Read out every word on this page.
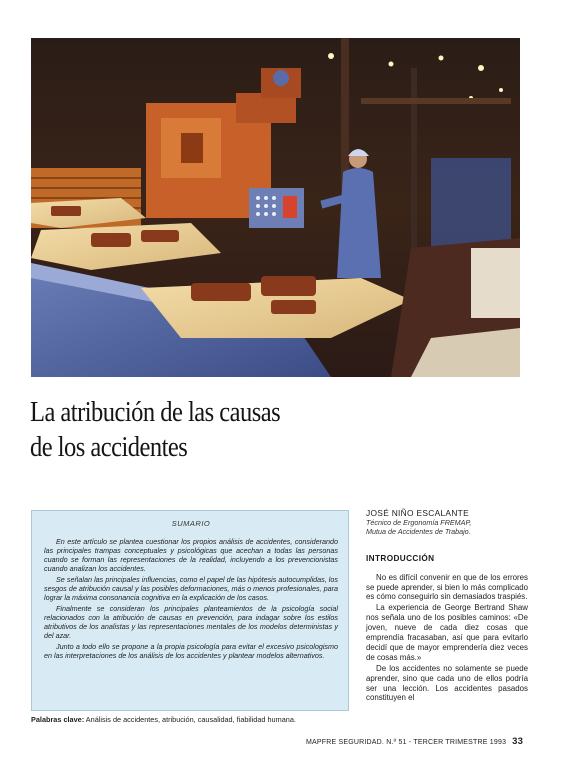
La atribución de las causas
de los accidentes
SUMARIO

En este artículo se plantea cuestionar los propios análisis de accidentes, considerando las principales trampas conceptuales y psicológicas que acechan a todas las personas cuando se forman las representaciones de la realidad, incluyendo a los prevencionistas cuando analizan los accidentes.

Se señalan las principales influencias, como el papel de las hipótesis autocumplidas, los sesgos de atribución causal y las posibles deformaciones, más o menos profesionales, para lograr la máxima consonancia cognitiva en la explicación de los casos.

Finalmente se consideran los principales planteamientos de la psicología social relacionados con la atribución de causas en prevención, para indagar sobre los estilos atributivos de los analistas y las representaciones mentales de los modelos deterministas y del azar.

Junto a todo ello se propone a la propia psicología para evitar el excesivo psicologismo en las interpretaciones de los análisis de los accidentes y plantear modelos alternativos.

Palabras clave: Análisis de accidentes, atribución, causalidad, fiabilidad humana.
JOSÉ NIÑO ESCALANTE
Técnico de Ergonomía FREMAP,
Mutua de Accidentes de Trabajo.
INTRODUCCIÓN

No es difícil convenir en que de los errores se puede aprender, si bien lo más complicado es cómo conseguirlo sin demasiados traspiés.

La experiencia de George Bertrand Shaw nos señala uno de los posibles caminos: «De joven, nueve de cada diez cosas que emprendía fracasaban, así que para evitarlo decidí que de mayor emprendería diez veces de cosas más.»

De los accidentes no solamente se puede aprender, sino que cada uno de ellos podría ser una lección. Los accidentes pasados constituyen el

MAPFRE SEGURIDAD. N.º 51 - TERCER TRIMESTRE 1993 33
